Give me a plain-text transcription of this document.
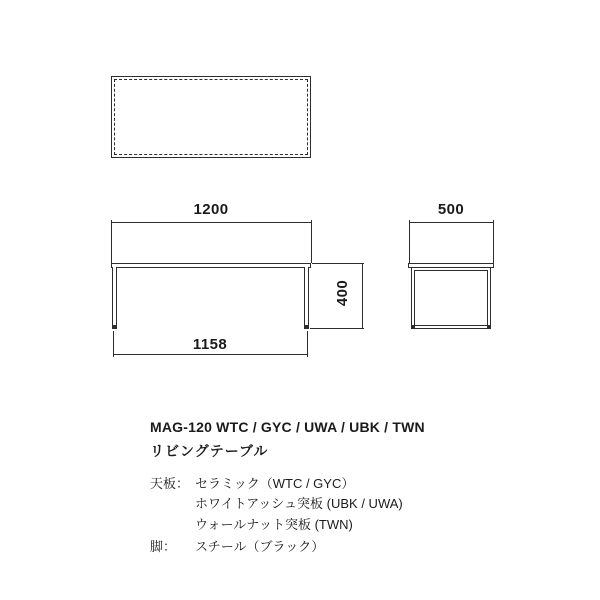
1200
1158
400
500
MAG-120 WTC / GYC / UWA / UBK / TWN
リビングテーブル
天板： セラミック（WTC / GYC）
ホワイトアッシュ突板 (UBK / UWA)
ウォールナット突板 (TWN)
脚：	スチール（ブラック）
